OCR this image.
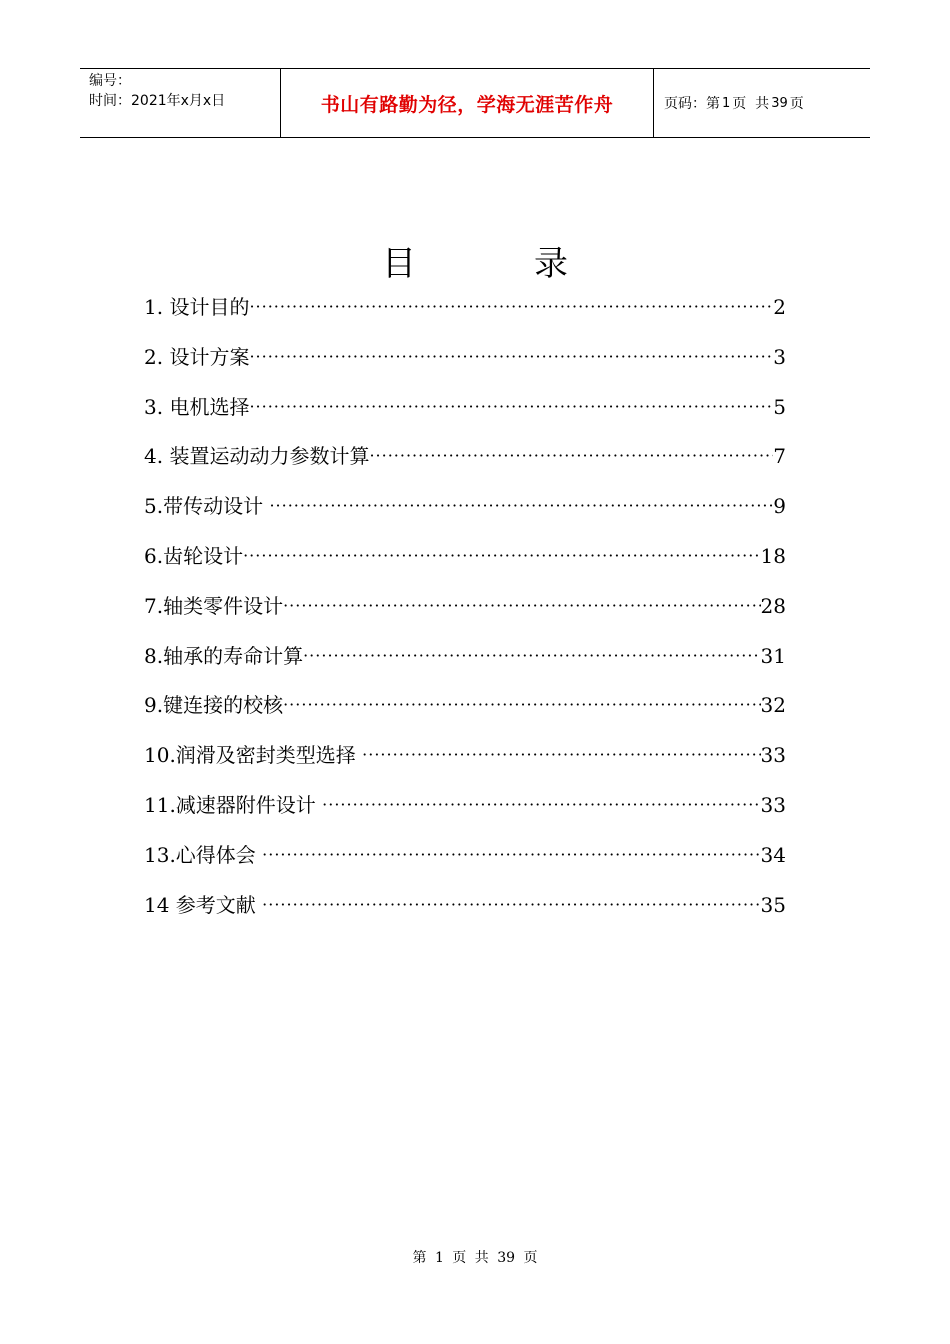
编号：
时间：2021年x月x日	书山有路勤为径，学海无涯苦作舟	页码：第 1 页  共 39 页
目	录
1. 设计目的 ·····	2
2. 设计方案 ·····	3
3. 电机选择 ·····	5
4. 装置运动动力参数计算 ·····	7
5.带传动设计 ·····	9
6.齿轮设计 ·····	18
7.轴类零件设计 ·····	28
8.轴承的寿命计算 ·····	31
9.键连接的校核 ·····	32
10.润滑及密封类型选择 ·····	33
11.减速器附件设计 ·····	33
13.心得体会 ·····	34
14 参考文献 ·····	35
第 1 页 共 39 页
